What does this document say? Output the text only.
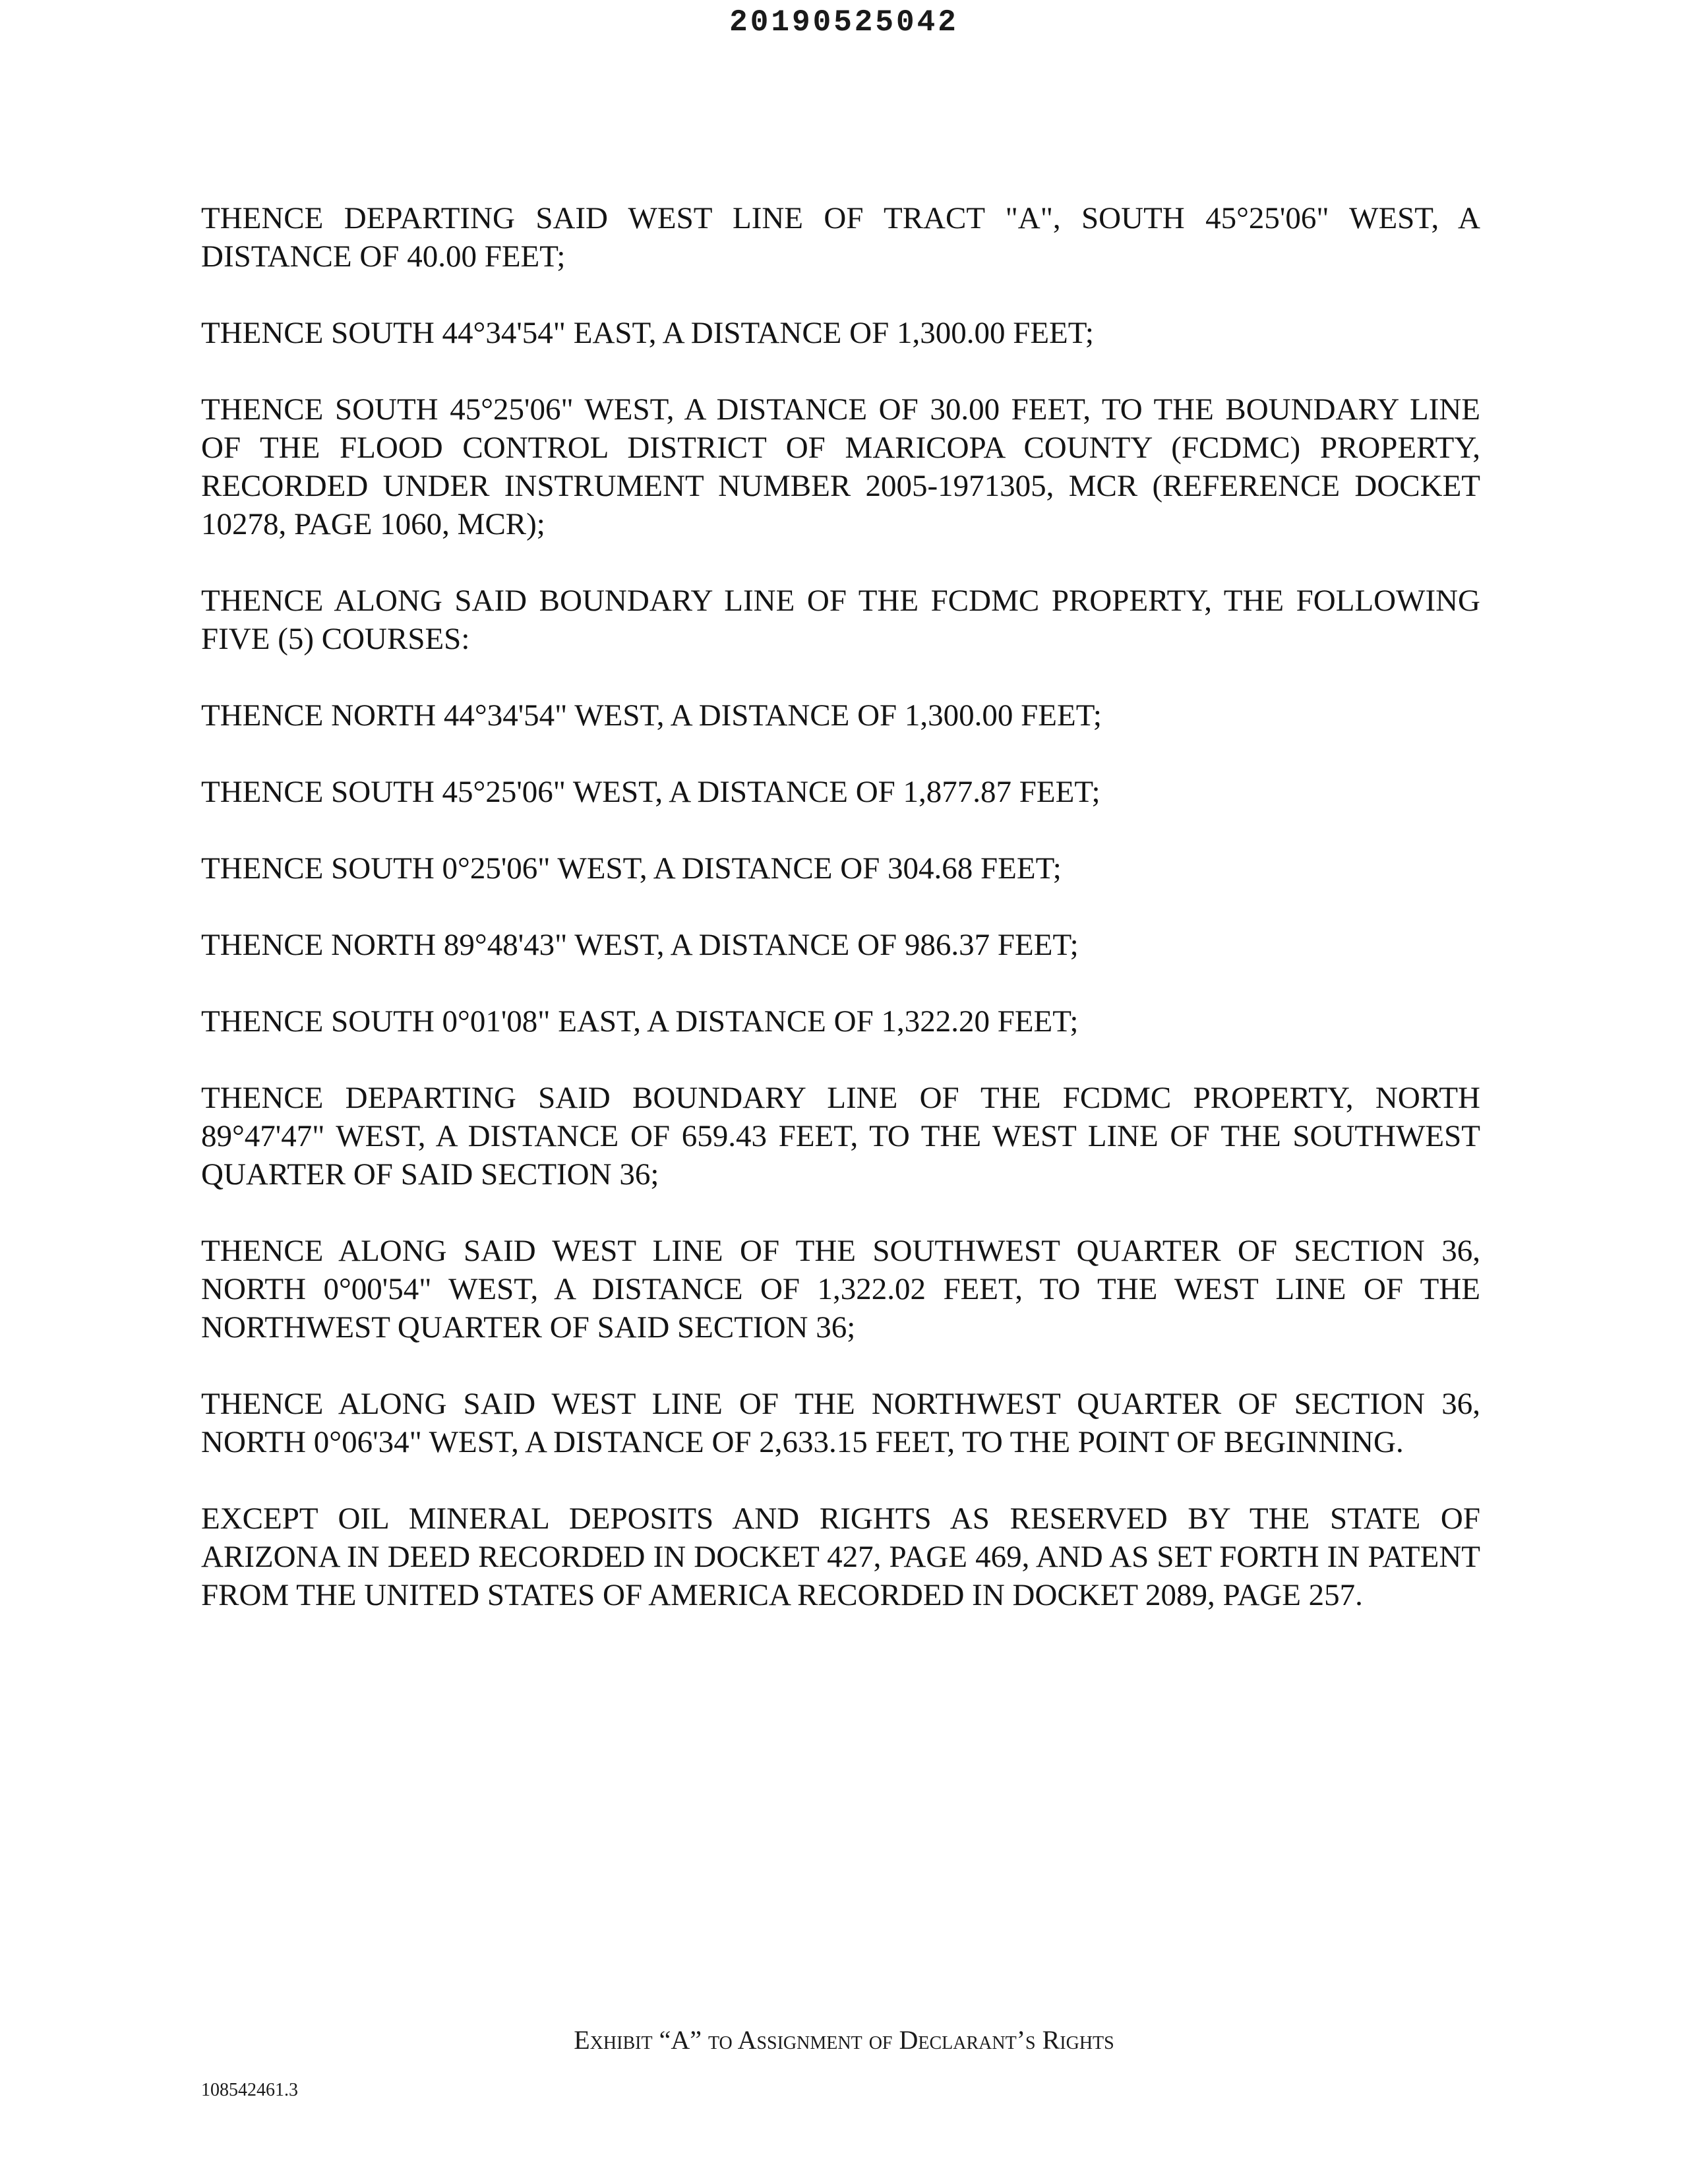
20190525042

THENCE DEPARTING SAID WEST LINE OF TRACT "A", SOUTH 45°25'06" WEST, A DISTANCE OF 40.00 FEET;

THENCE SOUTH 44°34'54" EAST, A DISTANCE OF 1,300.00 FEET;

THENCE SOUTH 45°25'06" WEST, A DISTANCE OF 30.00 FEET, TO THE BOUNDARY LINE OF THE FLOOD CONTROL DISTRICT OF MARICOPA COUNTY (FCDMC) PROPERTY, RECORDED UNDER INSTRUMENT NUMBER 2005-1971305, MCR (REFERENCE DOCKET 10278, PAGE 1060, MCR);

THENCE ALONG SAID BOUNDARY LINE OF THE FCDMC PROPERTY, THE FOLLOWING FIVE (5) COURSES:

THENCE NORTH 44°34'54" WEST, A DISTANCE OF 1,300.00 FEET;

THENCE SOUTH 45°25'06" WEST, A DISTANCE OF 1,877.87 FEET;

THENCE SOUTH 0°25'06" WEST, A DISTANCE OF 304.68 FEET;

THENCE NORTH 89°48'43" WEST, A DISTANCE OF 986.37 FEET;

THENCE SOUTH 0°01'08" EAST, A DISTANCE OF 1,322.20 FEET;

THENCE DEPARTING SAID BOUNDARY LINE OF THE FCDMC PROPERTY, NORTH 89°47'47" WEST, A DISTANCE OF 659.43 FEET, TO THE WEST LINE OF THE SOUTHWEST QUARTER OF SAID SECTION 36;

THENCE ALONG SAID WEST LINE OF THE SOUTHWEST QUARTER OF SECTION 36, NORTH 0°00'54" WEST, A DISTANCE OF 1,322.02 FEET, TO THE WEST LINE OF THE NORTHWEST QUARTER OF SAID SECTION 36;

THENCE ALONG SAID WEST LINE OF THE NORTHWEST QUARTER OF SECTION 36, NORTH 0°06'34" WEST, A DISTANCE OF 2,633.15 FEET, TO THE POINT OF BEGINNING.

EXCEPT OIL MINERAL DEPOSITS AND RIGHTS AS RESERVED BY THE STATE OF ARIZONA IN DEED RECORDED IN DOCKET 427, PAGE 469, AND AS SET FORTH IN PATENT FROM THE UNITED STATES OF AMERICA RECORDED IN DOCKET 2089, PAGE 257.

Exhibit “A” to Assignment of Declarant’s Rights
108542461.3
